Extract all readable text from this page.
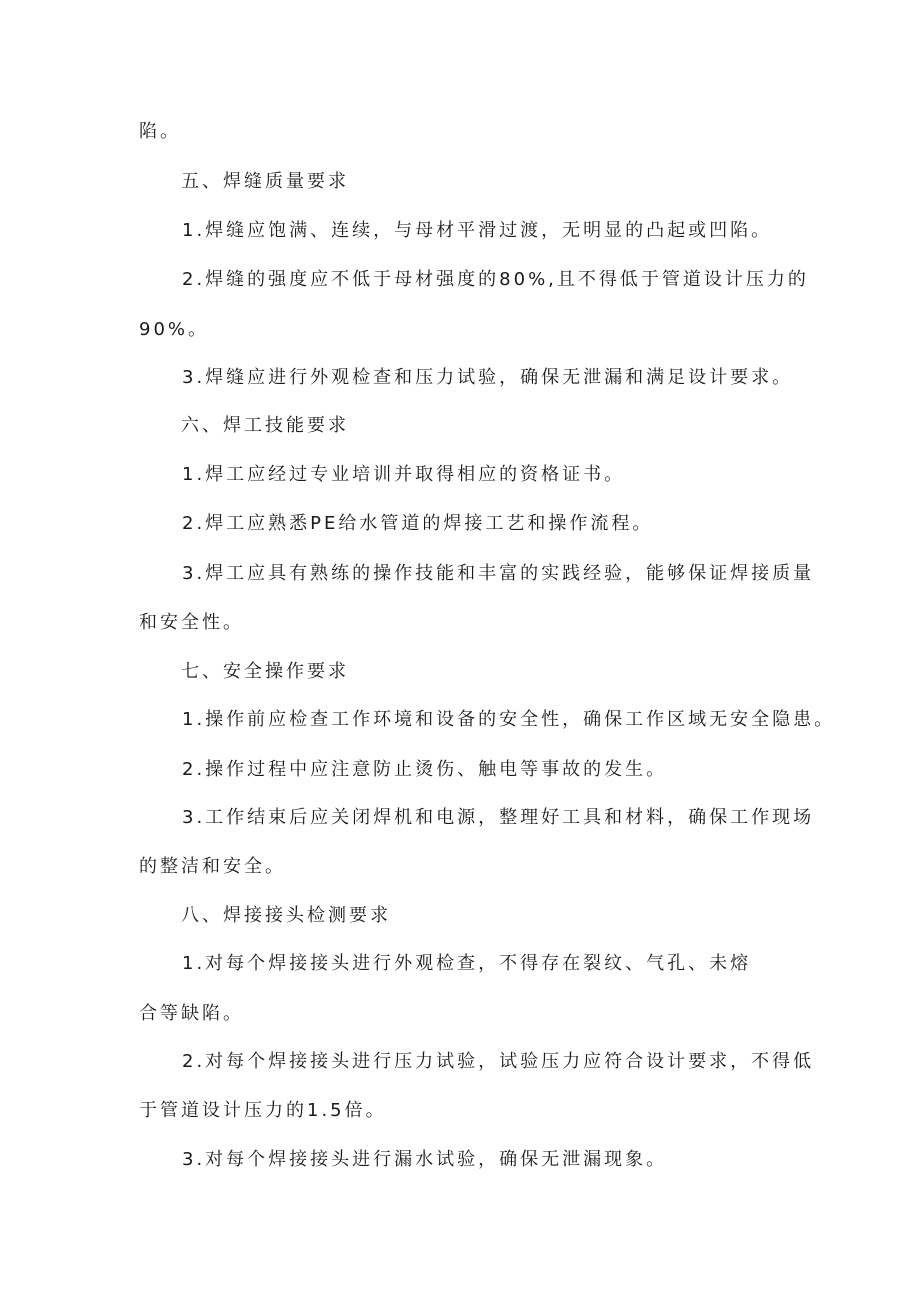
陷。
五、焊缝质量要求
1.焊缝应饱满、连续，与母材平滑过渡，无明显的凸起或凹陷。
2.焊缝的强度应不低于母材强度的80%,且不得低于管道设计压力的
90%。
3.焊缝应进行外观检查和压力试验，确保无泄漏和满足设计要求。
六、焊工技能要求
1.焊工应经过专业培训并取得相应的资格证书。
2.焊工应熟悉PE给水管道的焊接工艺和操作流程。
3.焊工应具有熟练的操作技能和丰富的实践经验，能够保证焊接质量
和安全性。
七、安全操作要求
1.操作前应检查工作环境和设备的安全性，确保工作区域无安全隐患。
2.操作过程中应注意防止烫伤、触电等事故的发生。
3.工作结束后应关闭焊机和电源，整理好工具和材料，确保工作现场
的整洁和安全。
八、焊接接头检测要求
1.对每个焊接接头进行外观检查，不得存在裂纹、气孔、未熔
合等缺陷。
2.对每个焊接接头进行压力试验，试验压力应符合设计要求，不得低
于管道设计压力的1.5倍。
3.对每个焊接接头进行漏水试验，确保无泄漏现象。
